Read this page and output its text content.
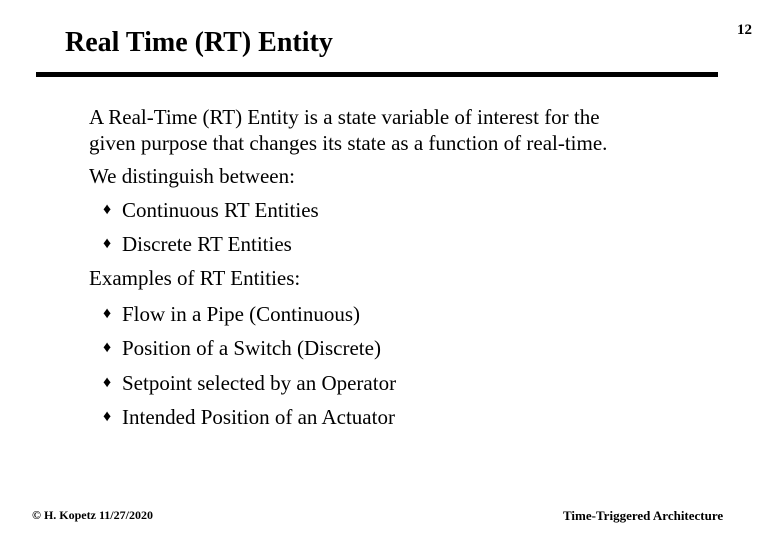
Real Time (RT) Entity	12
A Real-Time (RT) Entity is a state variable of interest for the
given purpose that changes its state as a function of real-time.
We distinguish between:
♦ Continuous RT Entities
♦ Discrete RT Entities
Examples of RT Entities:
♦ Flow in a Pipe (Continuous)
♦ Position of a Switch (Discrete)
♦ Setpoint selected by an Operator
♦ Intended Position of an Actuator
© H. Kopetz 11/27/2020	Time-Triggered Architecture
